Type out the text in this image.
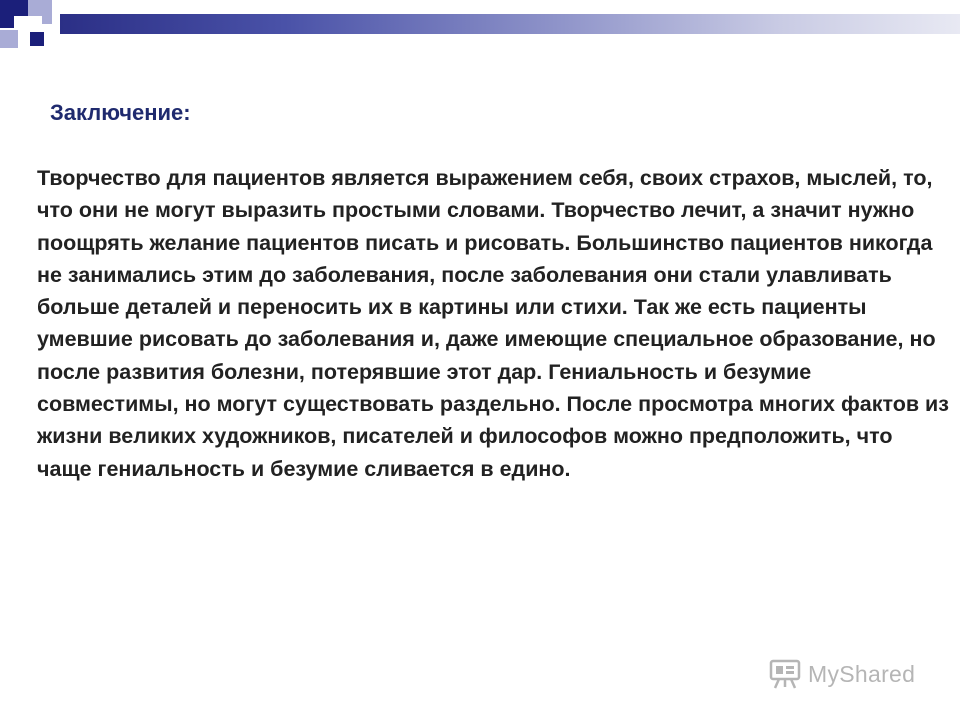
Заключение:

Творчество для пациентов является выражением себя, своих страхов, мыслей, то, что они не могут выразить простыми словами. Творчество лечит, а значит нужно поощрять желание пациентов писать и рисовать. Большинство пациентов никогда не занимались этим до заболевания, после заболевания они стали улавливать больше деталей и переносить их в картины или стихи. Так же есть пациенты умевшие рисовать до заболевания и, даже имеющие специальное образование, но после развития болезни, потерявшие этот дар. Гениальность и безумие совместимы, но могут существовать раздельно. После просмотра многих фактов из жизни великих художников, писателей и философов можно предположить, что чаще гениальность и безумие сливается в едино.

MyShared
